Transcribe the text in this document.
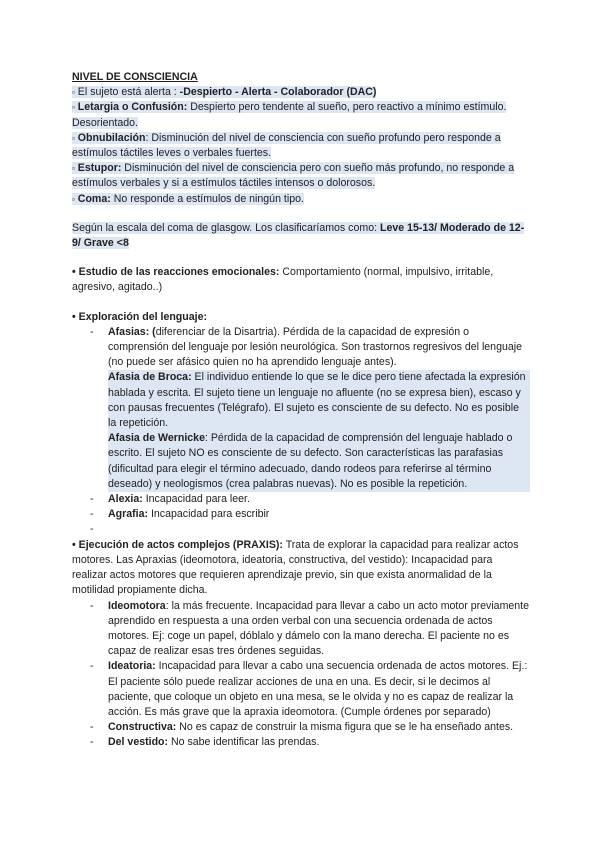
NIVEL DE CONSCIENCIA

▫ El sujeto está alerta : -Despierto - Alerta - Colaborador (DAC)

▫ Letargia o Confusión: Despierto pero tendente al sueño, pero reactivo a mínimo estímulo. Desorientado.

▫ Obnubilación: Disminución del nivel de consciencia con sueño profundo pero responde a estímulos táctiles leves o verbales fuertes.

▫ Estupor: Disminución del nivel de consciencia pero con sueño más profundo, no responde a estímulos verbales y si a estímulos táctiles intensos o dolorosos.

▫ Coma: No responde a estímulos de ningún tipo.

Según la escala del coma de glasgow. Los clasificaríamos como: Leve 15-13/ Moderado de 12-9/ Grave <8

• Estudio de las reacciones emocionales: Comportamiento (normal, impulsivo, irritable, agresivo, agitado..)

• Exploración del lenguaje:

-	Afasias: (diferenciar de la Disartria). Pérdida de la capacidad de expresión o comprensión del lenguaje por lesión neurológica. Son trastornos regresivos del lenguaje (no puede ser afásico quien no ha aprendido lenguaje antes).

Afasia de Broca: El individuo entiende lo que se le dice pero tiene afectada la expresión hablada y escrita. El sujeto tiene un lenguaje no afluente (no se expresa bien), escaso y con pausas frecuentes (Telégrafo). El sujeto es consciente de su defecto. No es posible la repetición.

Afasia de Wernicke: Pérdida de la capacidad de comprensión del lenguaje hablado o escrito. El sujeto NO es consciente de su defecto. Son características las parafasias (dificultad para elegir el término adecuado, dando rodeos para referirse al término deseado) y neologismos (crea palabras nuevas). No es posible la repetición.

-	Alexia: Incapacidad para leer.

-	Agrafia: Incapacidad para escribir

-

• Ejecución de actos complejos (PRAXIS): Trata de explorar la capacidad para realizar actos motores. Las Apraxias (ideomotora, ideatoria, constructiva, del vestido): Incapacidad para realizar actos motores que requieren aprendizaje previo, sin que exista anormalidad de la motilidad propiamente dicha.

-	Ideomotora: la más frecuente. Incapacidad para llevar a cabo un acto motor previamente aprendido en respuesta a una orden verbal con una secuencia ordenada de actos motores. Ej: coge un papel, dóblalo y dámelo con la mano derecha. El paciente no es capaz de realizar esas tres órdenes seguidas.

-	Ideatoria: Incapacidad para llevar a cabo una secuencia ordenada de actos motores. Ej.: El paciente sólo puede realizar acciones de una en una. Es decir, si le decimos al paciente, que coloque un objeto en una mesa, se le olvida y no es capaz de realizar la acción. Es más grave que la apraxia ideomotora. (Cumple órdenes por separado)

-	Constructiva: No es capaz de construir la misma figura que se le ha enseñado antes.

-	Del vestido: No sabe identificar las prendas.
